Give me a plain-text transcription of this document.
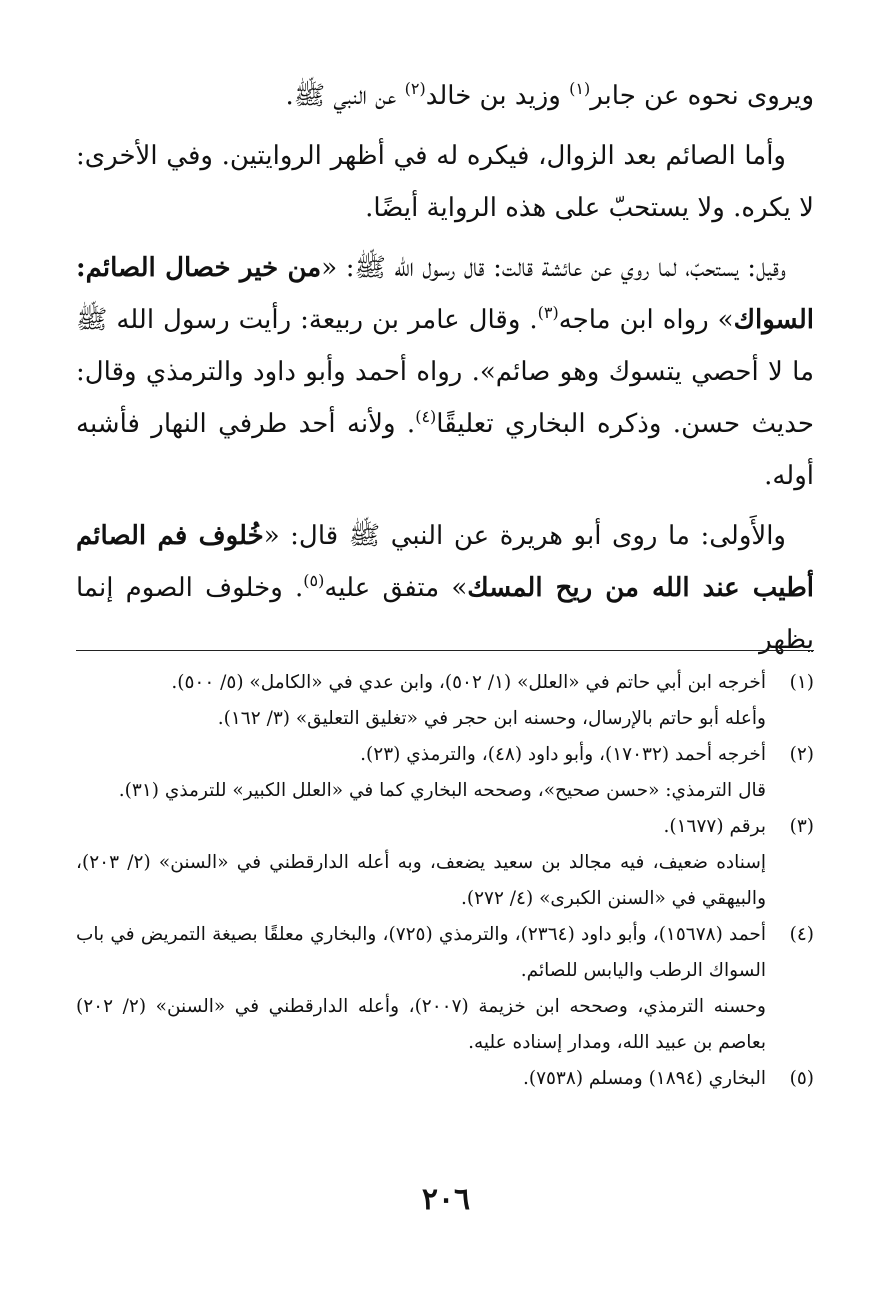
ويروى نحوه عن جابر$^{(١)}$ وزيد بن خالد$^{(٢)}$ عن النبي ﷺ.

وأما الصائم بعد الزوال، فيكره له في أظهر الروايتين. وفي الأخرى: لا يكره. ولا يستحبّ على هذه الرواية أيضًا.

وقيل: يستحبّ، لما روي عن عائشة قالت: قال رسول الله ﷺ: «من خير خصال الصائم: السواك» رواه ابن ماجه$^{(٣)}$. وقال عامر بن ربيعة: رأيت رسول الله ﷺ ما لا أحصي يتسوك وهو صائم». رواه أحمد وأبو داود والترمذي وقال: حديث حسن. وذكره البخاري تعليقًا$^{(٤)}$. ولأنه أحد طرفي النهار فأشبه أوله.

والأَولى: ما روى أبو هريرة عن النبي ﷺ قال: «خُلوف فم الصائم أطيب عند الله من ريح المسك» متفق عليه$^{(٥)}$. وخلوف الصوم إنما يظهر

(١)
أخرجه ابن أبي حاتم في «العلل» (١/ ٥٠٢)، وابن عدي في «الكامل» (٥/ ٥٠٠).
وأعله أبو حاتم بالإرسال، وحسنه ابن حجر في «تغليق التعليق» (٣/ ١٦٢).
(٢)
أخرجه أحمد (١٧٠٣٢)، وأبو داود (٤٨)، والترمذي (٢٣).
قال الترمذي: «حسن صحيح»، وصححه البخاري كما في «العلل الكبير» للترمذي (٣١).
(٣)
برقم (١٦٧٧).
إسناده ضعيف، فيه مجالد بن سعيد يضعف، وبه أعله الدارقطني في «السنن» (٢/ ٢٠٣)، والبيهقي في «السنن الكبرى» (٤/ ٢٧٢).
(٤)
أحمد (١٥٦٧٨)، وأبو داود (٢٣٦٤)، والترمذي (٧٢٥)، والبخاري معلقًا بصيغة التمريض في باب السواك الرطب واليابس للصائم.
وحسنه الترمذي، وصححه ابن خزيمة (٢٠٠٧)، وأعله الدارقطني في «السنن» (٢/ ٢٠٢) بعاصم بن عبيد الله، ومدار إسناده عليه.
(٥)
البخاري (١٨٩٤) ومسلم (٧٥٣٨).
٢٠٦
